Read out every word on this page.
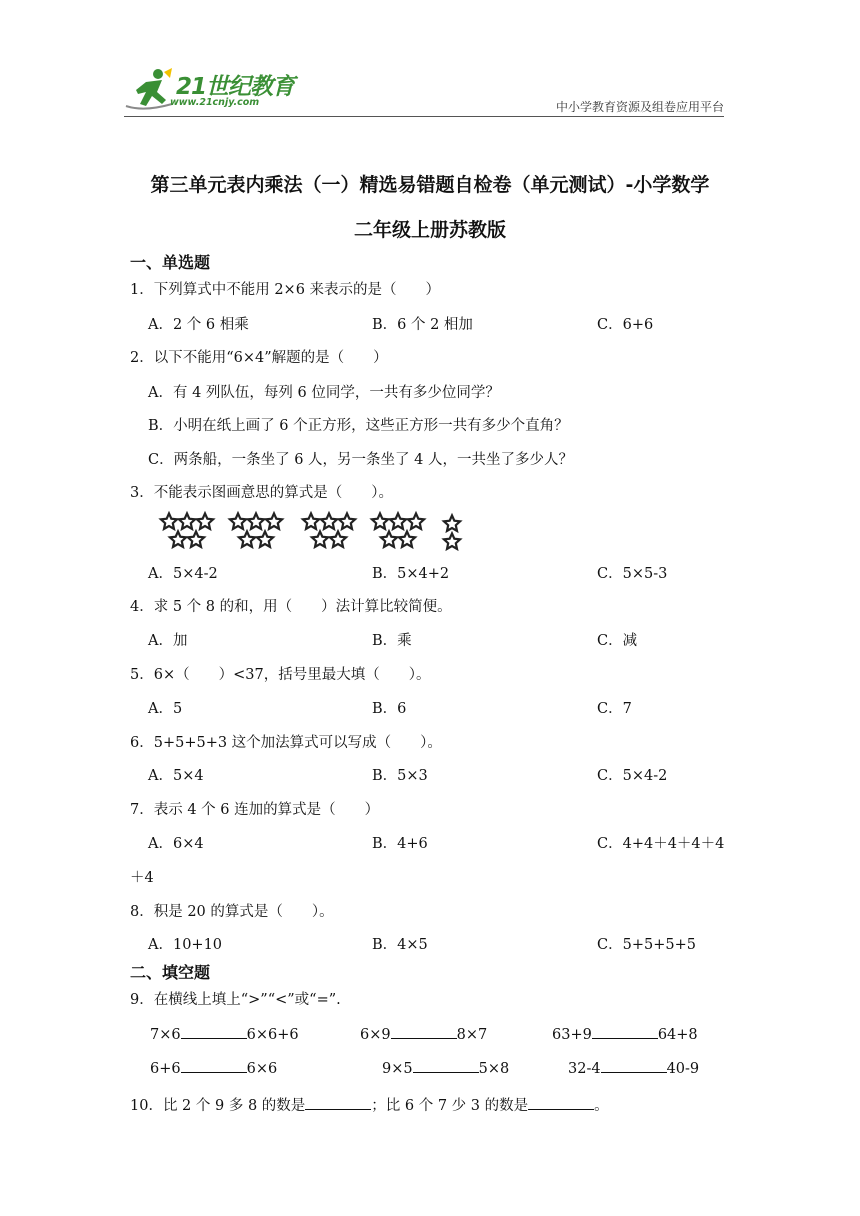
21世纪教育
www.21cnjy.com	中小学教育资源及组卷应用平台
第三单元表内乘法（一）精选易错题自检卷（单元测试）-小学数学
二年级上册苏教版
一、单选题
1．下列算式中不能用 2×6 来表示的是（　　）
A．2 个 6 相乘	B．6 个 2 相加	C．6+6
2．以下不能用“6×4”解题的是（　　）
A．有 4 列队伍，每列 6 位同学，一共有多少位同学？
B．小明在纸上画了 6 个正方形，这些正方形一共有多少个直角？
C．两条船，一条坐了 6 人，另一条坐了 4 人，一共坐了多少人？
3．不能表示图画意思的算式是（　　）。
A．5×4-2	B．5×4+2	C．5×5-3
4．求 5 个 8 的和，用（　　）法计算比较简便。
A．加	B．乘	C．减
5．6×（　　）<37，括号里最大填（　　）。
A．5	B．6	C．7
6．5+5+5+3 这个加法算式可以写成（　　）。
A．5×4	B．5×3	C．5×4-2
7．表示 4 个 6 连加的算式是（　　）
A．6×4	B．4+6	C．4+4＋4＋4＋4
＋4
8．积是 20 的算式是（　　）。
A．10+10	B．4×5	C．5+5+5+5
二、填空题
9．在横线上填上“>”“<”或“=”.
7×6	6×6+6	6×9	8×7	63+9	64+8
6+6	6×6	9×5	5×8	32-4	40-9
10．比 2 个 9 多 8 的数是	；比 6 个 7 少 3 的数是	。
